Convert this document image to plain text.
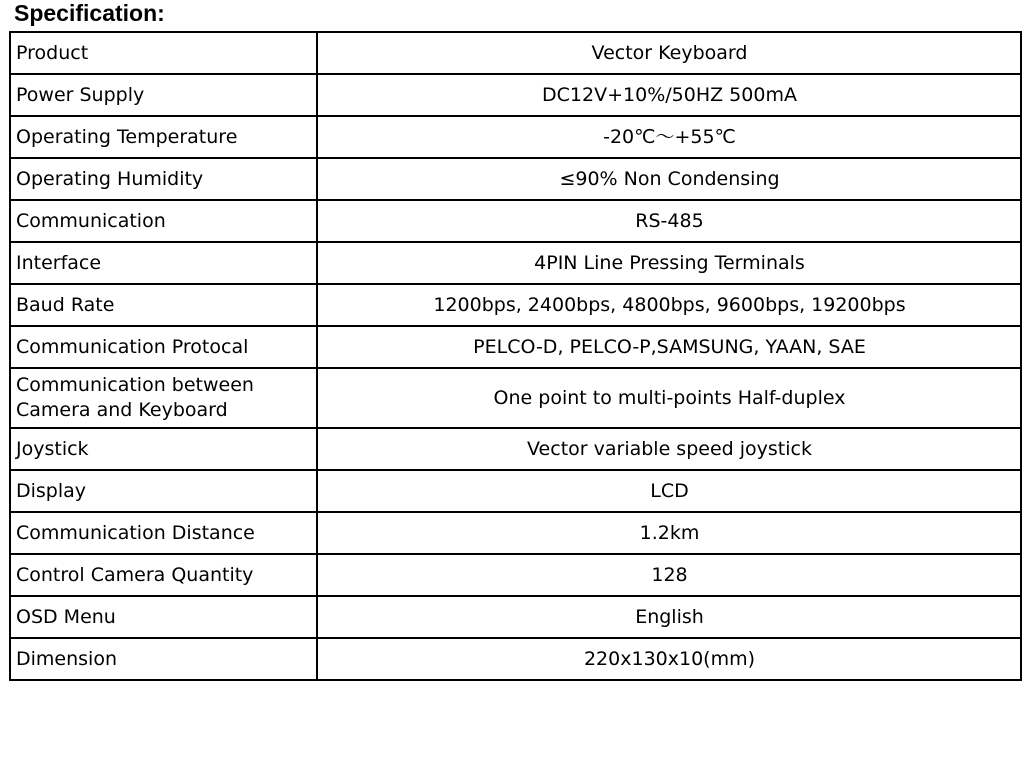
Specification:
Product	Vector Keyboard
Power Supply	DC12V+10%/50HZ 500mA
Operating Temperature	-20℃～+55℃
Operating Humidity	≤90% Non Condensing
Communication	RS-485
Interface	4PIN Line Pressing Terminals
Baud Rate	1200bps, 2400bps, 4800bps, 9600bps, 19200bps
Communication Protocal	PELCO-D, PELCO-P,SAMSUNG, YAAN, SAE
Communication between
Camera and Keyboard	One point to multi-points Half-duplex
Joystick	Vector variable speed joystick
Display	LCD
Communication Distance	1.2km
Control Camera Quantity	128
OSD Menu	English
Dimension	220x130x10(mm)
